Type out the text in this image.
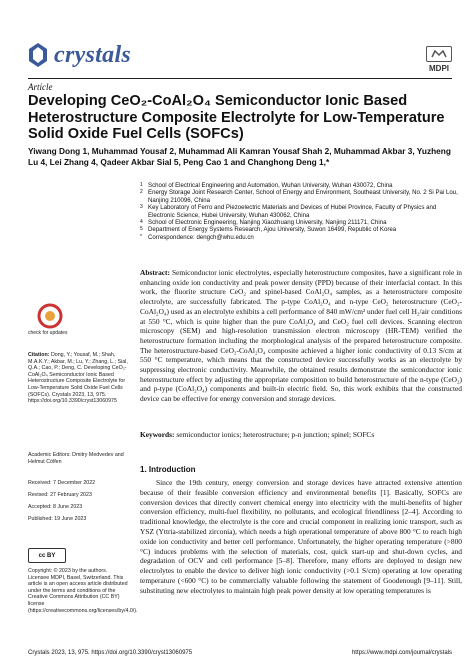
crystals
MDPI
Article
Developing CeO₂-CoAl₂O₄ Semiconductor Ionic Based Heterostructure Composite Electrolyte for Low-Temperature Solid Oxide Fuel Cells (SOFCs)
Yiwang Dong 1, Muhammad Yousaf 2, Muhammad Ali Kamran Yousaf Shah 2, Muhammad Akbar 3, Yuzheng Lu 4, Lei Zhang 4, Qadeer Akbar Sial 5, Peng Cao 1 and Changhong Deng 1,*
1 School of Electrical Engineering and Automation, Wuhan University, Wuhan 430072, China
2 Energy Storage Joint Research Center, School of Energy and Environment, Southeast University, No. 2 Si Pai Lou, Nanjing 210096, China
3 Key Laboratory of Ferro and Piezoelectric Materials and Devices of Hubei Province, Faculty of Physics and Electronic Science, Hubei University, Wuhan 430062, China
4 School of Electronic Engineering, Nanjing Xiaozhuang University, Nanjing 211171, China
5 Department of Energy Systems Research, Ajou University, Suwon 16499, Republic of Korea
* Correspondence: dengch@whu.edu.cn
check for updates
Citation: Dong, Y.; Yousaf, M.; Shah, M.A.K.Y.; Akbar, M.; Lu, Y.; Zhang, L.; Sial, Q.A.; Cao, P.; Deng, C. Developing CeO₂-CoAl₂O₄ Semiconductor Ionic Based Heterostructure Composite Electrolyte for Low-Temperature Solid Oxide Fuel Cells (SOFCs). Crystals 2023, 13, 975. https://doi.org/10.3390/cryst13060975
Academic Editors: Dmitry Medvedev and Helmut Cölfen
Received: 7 December 2022
Revised: 27 February 2023
Accepted: 8 June 2023
Published: 19 June 2023
cc BY
Copyright: © 2023 by the authors. Licensee MDPI, Basel, Switzerland. This article is an open access article distributed under the terms and conditions of the Creative Commons Attribution (CC BY) license (https://creativecommons.org/licenses/by/4.0/).
Abstract: Semiconductor ionic electrolytes, especially heterostructure composites, have a significant role in enhancing oxide ion conductivity and peak power density (PPD) because of their interfacial contact. In this work, the fluorite structure CeO₂ and spinel-based CoAl₂O₄ samples, as a heterostructure composite electrolyte, are successfully fabricated. The p-type CoAl₂O₄ and n-type CeO₂ heterostructure (CeO₂-CoAl₂O₄) used as an electrolyte exhibits a cell performance of 840 mW/cm² under fuel cell H₂/air conditions at 550 °C, which is quite higher than the pure CoAl₂O₄ and CeO₂ fuel cell devices. Scanning electron microscopy (SEM) and high-resolution transmission electron microscopy (HR-TEM) verified the heterostructure formation including the morphological analysis of the prepared heterostructure composite. The heterostructure-based CeO₂-CoAl₂O₄ composite achieved a higher ionic conductivity of 0.13 S/cm at 550 °C temperature, which means that the constructed device successfully works as an electrolyte by suppressing electronic conductivity. Meanwhile, the obtained results demonstrate the semiconductor ionic heterostructure effect by adjusting the appropriate composition to build heterostructure of the n-type (CeO₂) and p-type (CoAl₂O₄) components and built-in electric field. So, this work exhibits that the constructed device can be effective for energy conversion and storage devices.
Keywords: semiconductor ionics; heterostructure; p-n junction; spinel; SOFCs
1. Introduction
Since the 19th century, energy conversion and storage devices have attracted extensive attention because of their feasible conversion efficiency and environmental benefits [1]. Basically, SOFCs are conversion devices that directly convert chemical energy into electricity with the multi-benefits of higher conversion efficiency, multi-fuel flexibility, no pollutants, and ecological friendliness [2–4]. According to traditional knowledge, the electrolyte is the core and crucial component in realizing ionic transport, such as YSZ (Yttria-stabilized zirconia), which needs a high operational temperature of above 800 °C to reach high oxide ion conductivity and better cell performance. Unfortunately, the higher operating temperature (>800 °C) induces problems with the selection of materials, cost, quick start-up and shut-down cycles, and degradation of OCV and cell performance [5–8]. Therefore, many efforts are deployed to design new electrolytes to enable the device to deliver high ionic conductivity (>0.1 S/cm) operating at low operating temperature (<600 °C) to be commercially valuable following the statement of Goodenough [9–11]. Still, substituting new electrolytes to maintain high peak power density at low operating temperatures is
Crystals 2023, 13, 975. https://doi.org/10.3390/cryst13060975	https://www.mdpi.com/journal/crystals
